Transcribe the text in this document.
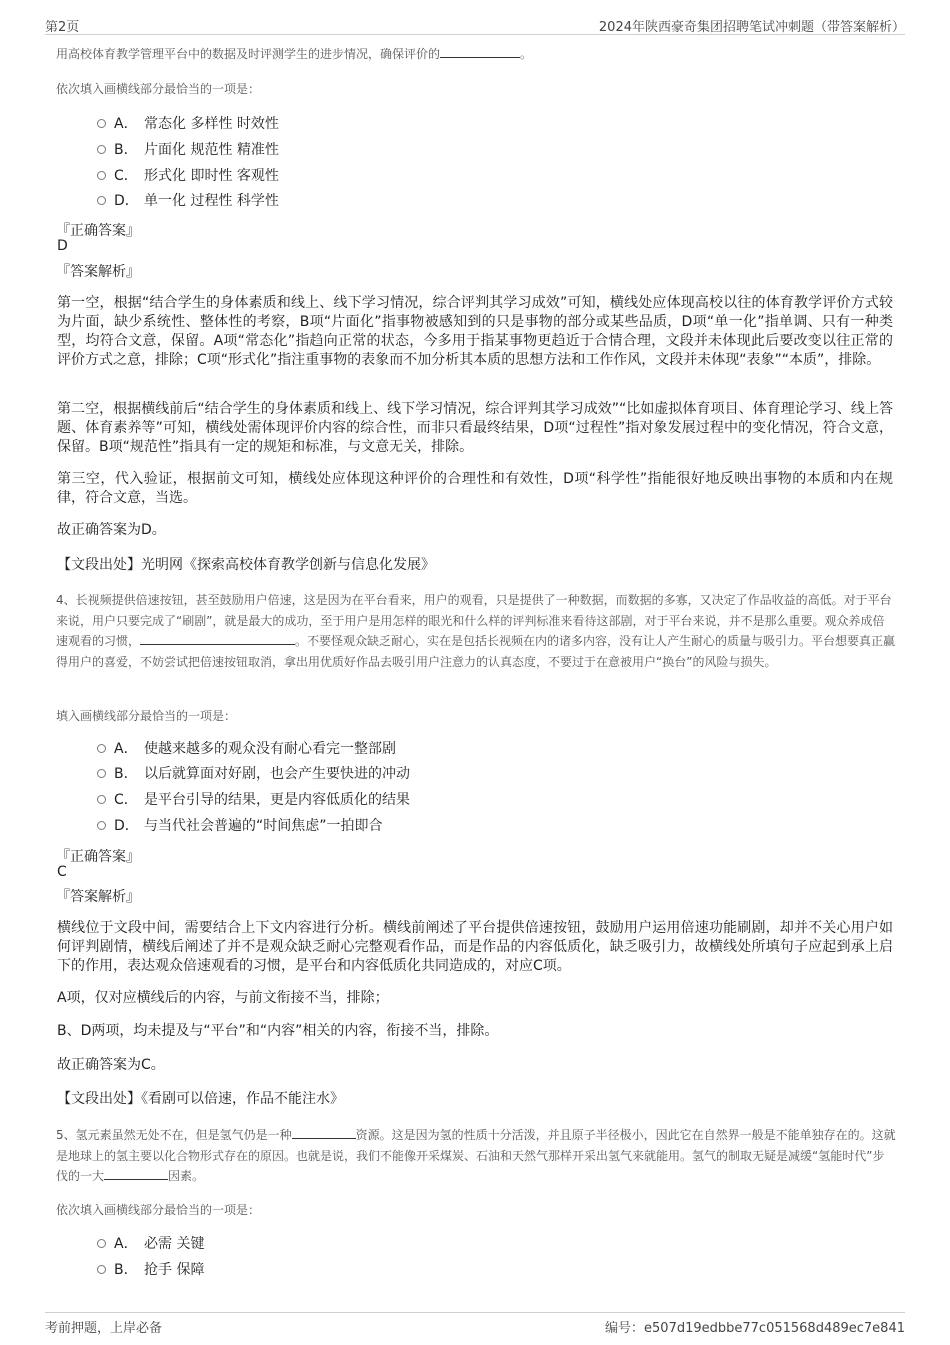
第2页	2024年陕西豪奇集团招聘笔试冲刺题（带答案解析）
用高校体育教学管理平台中的数据及时评测学生的进步情况，确保评价的	。
依次填入画横线部分最恰当的一项是：
A． 常态化 多样性 时效性
B． 片面化 规范性 精准性
C． 形式化 即时性 客观性
D． 单一化 过程性 科学性
『正确答案』
D
『答案解析』
第一空，根据“结合学生的身体素质和线上、线下学习情况，综合评判其学习成效”可知，横线处应体现高校以往的体育教学评价方式较为片面，缺少系统性、整体性的考察，B项“片面化”指事物被感知到的只是事物的部分或某些品质，D项“单一化”指单调、只有一种类型，均符合文意，保留。A项“常态化”指趋向正常的状态，今多用于指某事物更趋近于合情合理，文段并未体现此后要改变以往正常的评价方式之意，排除；C项“形式化”指注重事物的表象而不加分析其本质的思想方法和工作作风，文段并未体现“表象”“本质”，排除。
第二空，根据横线前后“结合学生的身体素质和线上、线下学习情况，综合评判其学习成效”“比如虚拟体育项目、体育理论学习、线上答题、体育素养等”可知，横线处需体现评价内容的综合性，而非只看最终结果，D项“过程性”指对象发展过程中的变化情况，符合文意，保留。B项“规范性”指具有一定的规矩和标准，与文意无关，排除。
第三空，代入验证，根据前文可知，横线处应体现这种评价的合理性和有效性，D项“科学性”指能很好地反映出事物的本质和内在规律，符合文意，当选。
故正确答案为D。
【文段出处】光明网《探索高校体育教学创新与信息化发展》
4、长视频提供倍速按钮，甚至鼓励用户倍速，这是因为在平台看来，用户的观看，只是提供了一种数据，而数据的多寡，又决定了作品收益的高低。对于平台来说，用户只要完成了“刷剧”，就是最大的成功，至于用户是用怎样的眼光和什么样的评判标准来看待这部剧，对于平台来说，并不是那么重要。观众养成倍速观看的习惯，	。不要怪观众缺乏耐心，实在是包括长视频在内的诸多内容，没有让人产生耐心的质量与吸引力。平台想要真正赢得用户的喜爱，不妨尝试把倍速按钮取消，拿出用优质好作品去吸引用户注意力的认真态度，不要过于在意被用户“换台”的风险与损失。
填入画横线部分最恰当的一项是：
A． 使越来越多的观众没有耐心看完一整部剧
B． 以后就算面对好剧，也会产生要快进的冲动
C． 是平台引导的结果，更是内容低质化的结果
D． 与当代社会普遍的“时间焦虑”一拍即合
『正确答案』
C
『答案解析』
横线位于文段中间，需要结合上下文内容进行分析。横线前阐述了平台提供倍速按钮，鼓励用户运用倍速功能刷剧，却并不关心用户如何评判剧情，横线后阐述了并不是观众缺乏耐心完整观看作品，而是作品的内容低质化，缺乏吸引力，故横线处所填句子应起到承上启下的作用，表达观众倍速观看的习惯，是平台和内容低质化共同造成的，对应C项。
A项，仅对应横线后的内容，与前文衔接不当，排除；
B、D两项，均未提及与“平台”和“内容”相关的内容，衔接不当，排除。
故正确答案为C。
【文段出处】《看剧可以倍速，作品不能注水》
5、氢元素虽然无处不在，但是氢气仍是一种	资源。这是因为氢的性质十分活泼，并且原子半径极小，因此它在自然界一般是不能单独存在的。这就是地球上的氢主要以化合物形式存在的原因。也就是说，我们不能像开采煤炭、石油和天然气那样开采出氢气来就能用。氢气的制取无疑是减缓“氢能时代”步伐的一大	因素。
依次填入画横线部分最恰当的一项是：
A． 必需 关键
B． 抢手 保障
考前押题，上岸必备	编号：e507d19edbbe77c051568d489ec7e841
